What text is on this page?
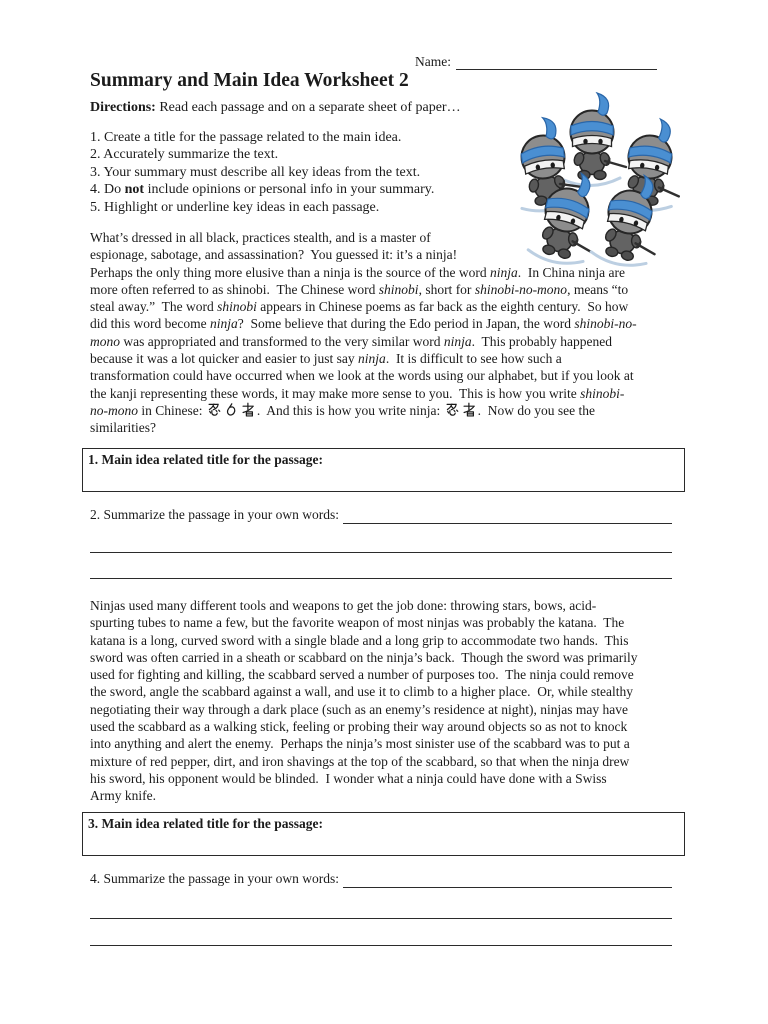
Name:
Summary and Main Idea Worksheet 2
Directions: Read each passage and on a separate sheet of paper…
1. Create a title for the passage related to the main idea.
2. Accurately summarize the text.
3. Your summary must describe all key ideas from the text.
4. Do not include opinions or personal info in your summary.
5. Highlight or underline key ideas in each passage.
What’s dressed in all black, practices stealth, and is a master of
espionage, sabotage, and assassination?  You guessed it: it’s a ninja!
Perhaps the only thing more elusive than a ninja is the source of the word ninja.  In China ninja are
more often referred to as shinobi.  The Chinese word shinobi, short for shinobi-no-mono, means “to
steal away.”  The word shinobi appears in Chinese poems as far back as the eighth century.  So how
did this word become ninja?  Some believe that during the Edo period in Japan, the word shinobi-no-
mono was appropriated and transformed to the very similar word ninja.  This probably happened
because it was a lot quicker and easier to just say ninja.  It is difficult to see how such a
transformation could have occurred when we look at the words using our alphabet, but if you look at
the kanji representing these words, it may make more sense to you.  This is how you write shinobi-
no-mono in Chinese:	.  And this is how you write ninja:	.  Now do you see the
similarities?
1. Main idea related title for the passage:
2. Summarize the passage in your own words:
Ninjas used many different tools and weapons to get the job done: throwing stars, bows, acid-
spurting tubes to name a few, but the favorite weapon of most ninjas was probably the katana.  The
katana is a long, curved sword with a single blade and a long grip to accommodate two hands.  This
sword was often carried in a sheath or scabbard on the ninja’s back.  Though the sword was primarily
used for fighting and killing, the scabbard served a number of purposes too.  The ninja could remove
the sword, angle the scabbard against a wall, and use it to climb to a higher place.  Or, while stealthy
negotiating their way through a dark place (such as an enemy’s residence at night), ninjas may have
used the scabbard as a walking stick, feeling or probing their way around objects so as not to knock
into anything and alert the enemy.  Perhaps the ninja’s most sinister use of the scabbard was to put a
mixture of red pepper, dirt, and iron shavings at the top of the scabbard, so that when the ninja drew
his sword, his opponent would be blinded.  I wonder what a ninja could have done with a Swiss
Army knife.
3. Main idea related title for the passage:
4. Summarize the passage in your own words:
